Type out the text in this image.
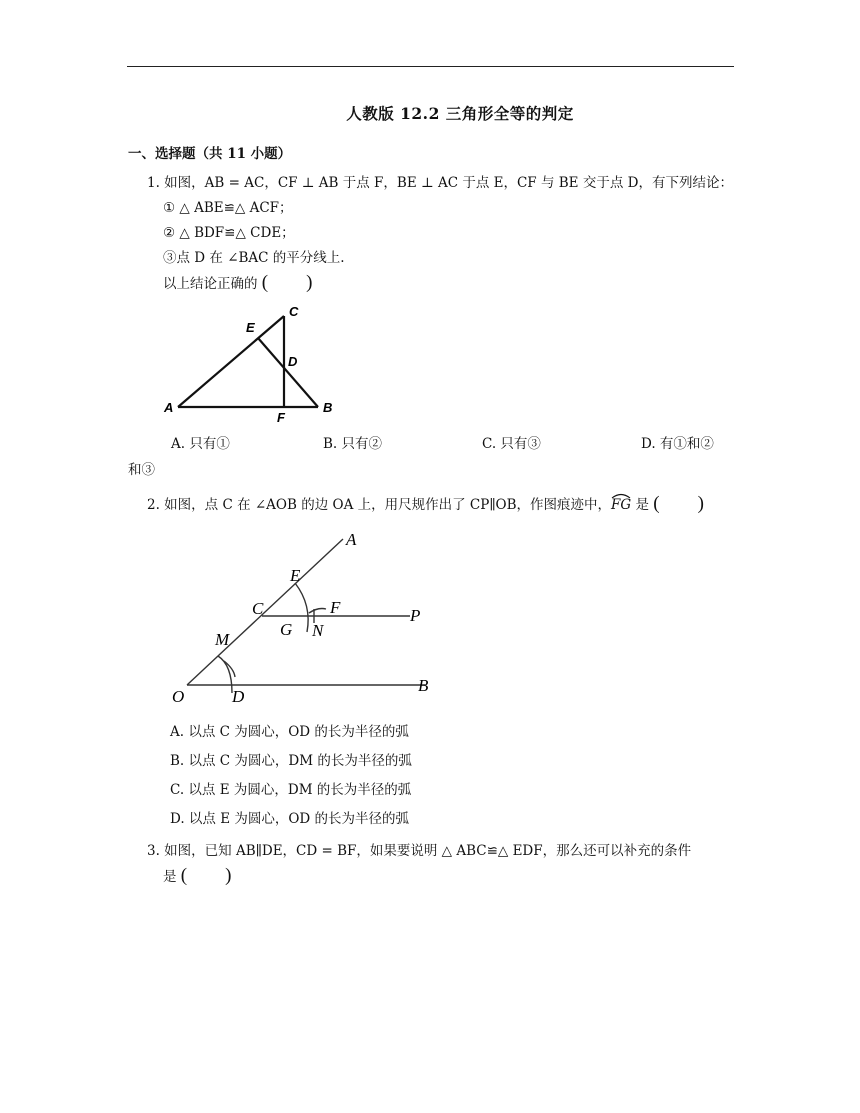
人教版 12.2 三角形全等的判定
一、选择题（共 11 小题）
1. 如图，AB = AC，CF ⊥ AB 于点 F，BE ⊥ AC 于点 E，CF 与 BE 交于点 D，有下列结论：
① △ ABE≌△ ACF；
② △ BDF≌△ CDE；
③点 D 在 ∠BAC 的平分线上.
以上结论正确的 (　　)
A	B
C
D
E
F
A. 只有①	B. 只有②	C. 只有③	D. 有①和②
和③
2. 如图，点 C 在 ∠AOB 的边 OA 上，用尺规作出了 CP∥OB，作图痕迹中，
FG 是 (　　)
A
B
C
D
E
F
G
M	N
O
P
A. 以点 C 为圆心，OD 的长为半径的弧
B. 以点 C 为圆心，DM 的长为半径的弧
C. 以点 E 为圆心，DM 的长为半径的弧
D. 以点 E 为圆心，OD 的长为半径的弧
3. 如图，已知 AB∥DE，CD = BF，如果要说明 △ ABC≌△ EDF，那么还可以补充的条件
是 (　　)
